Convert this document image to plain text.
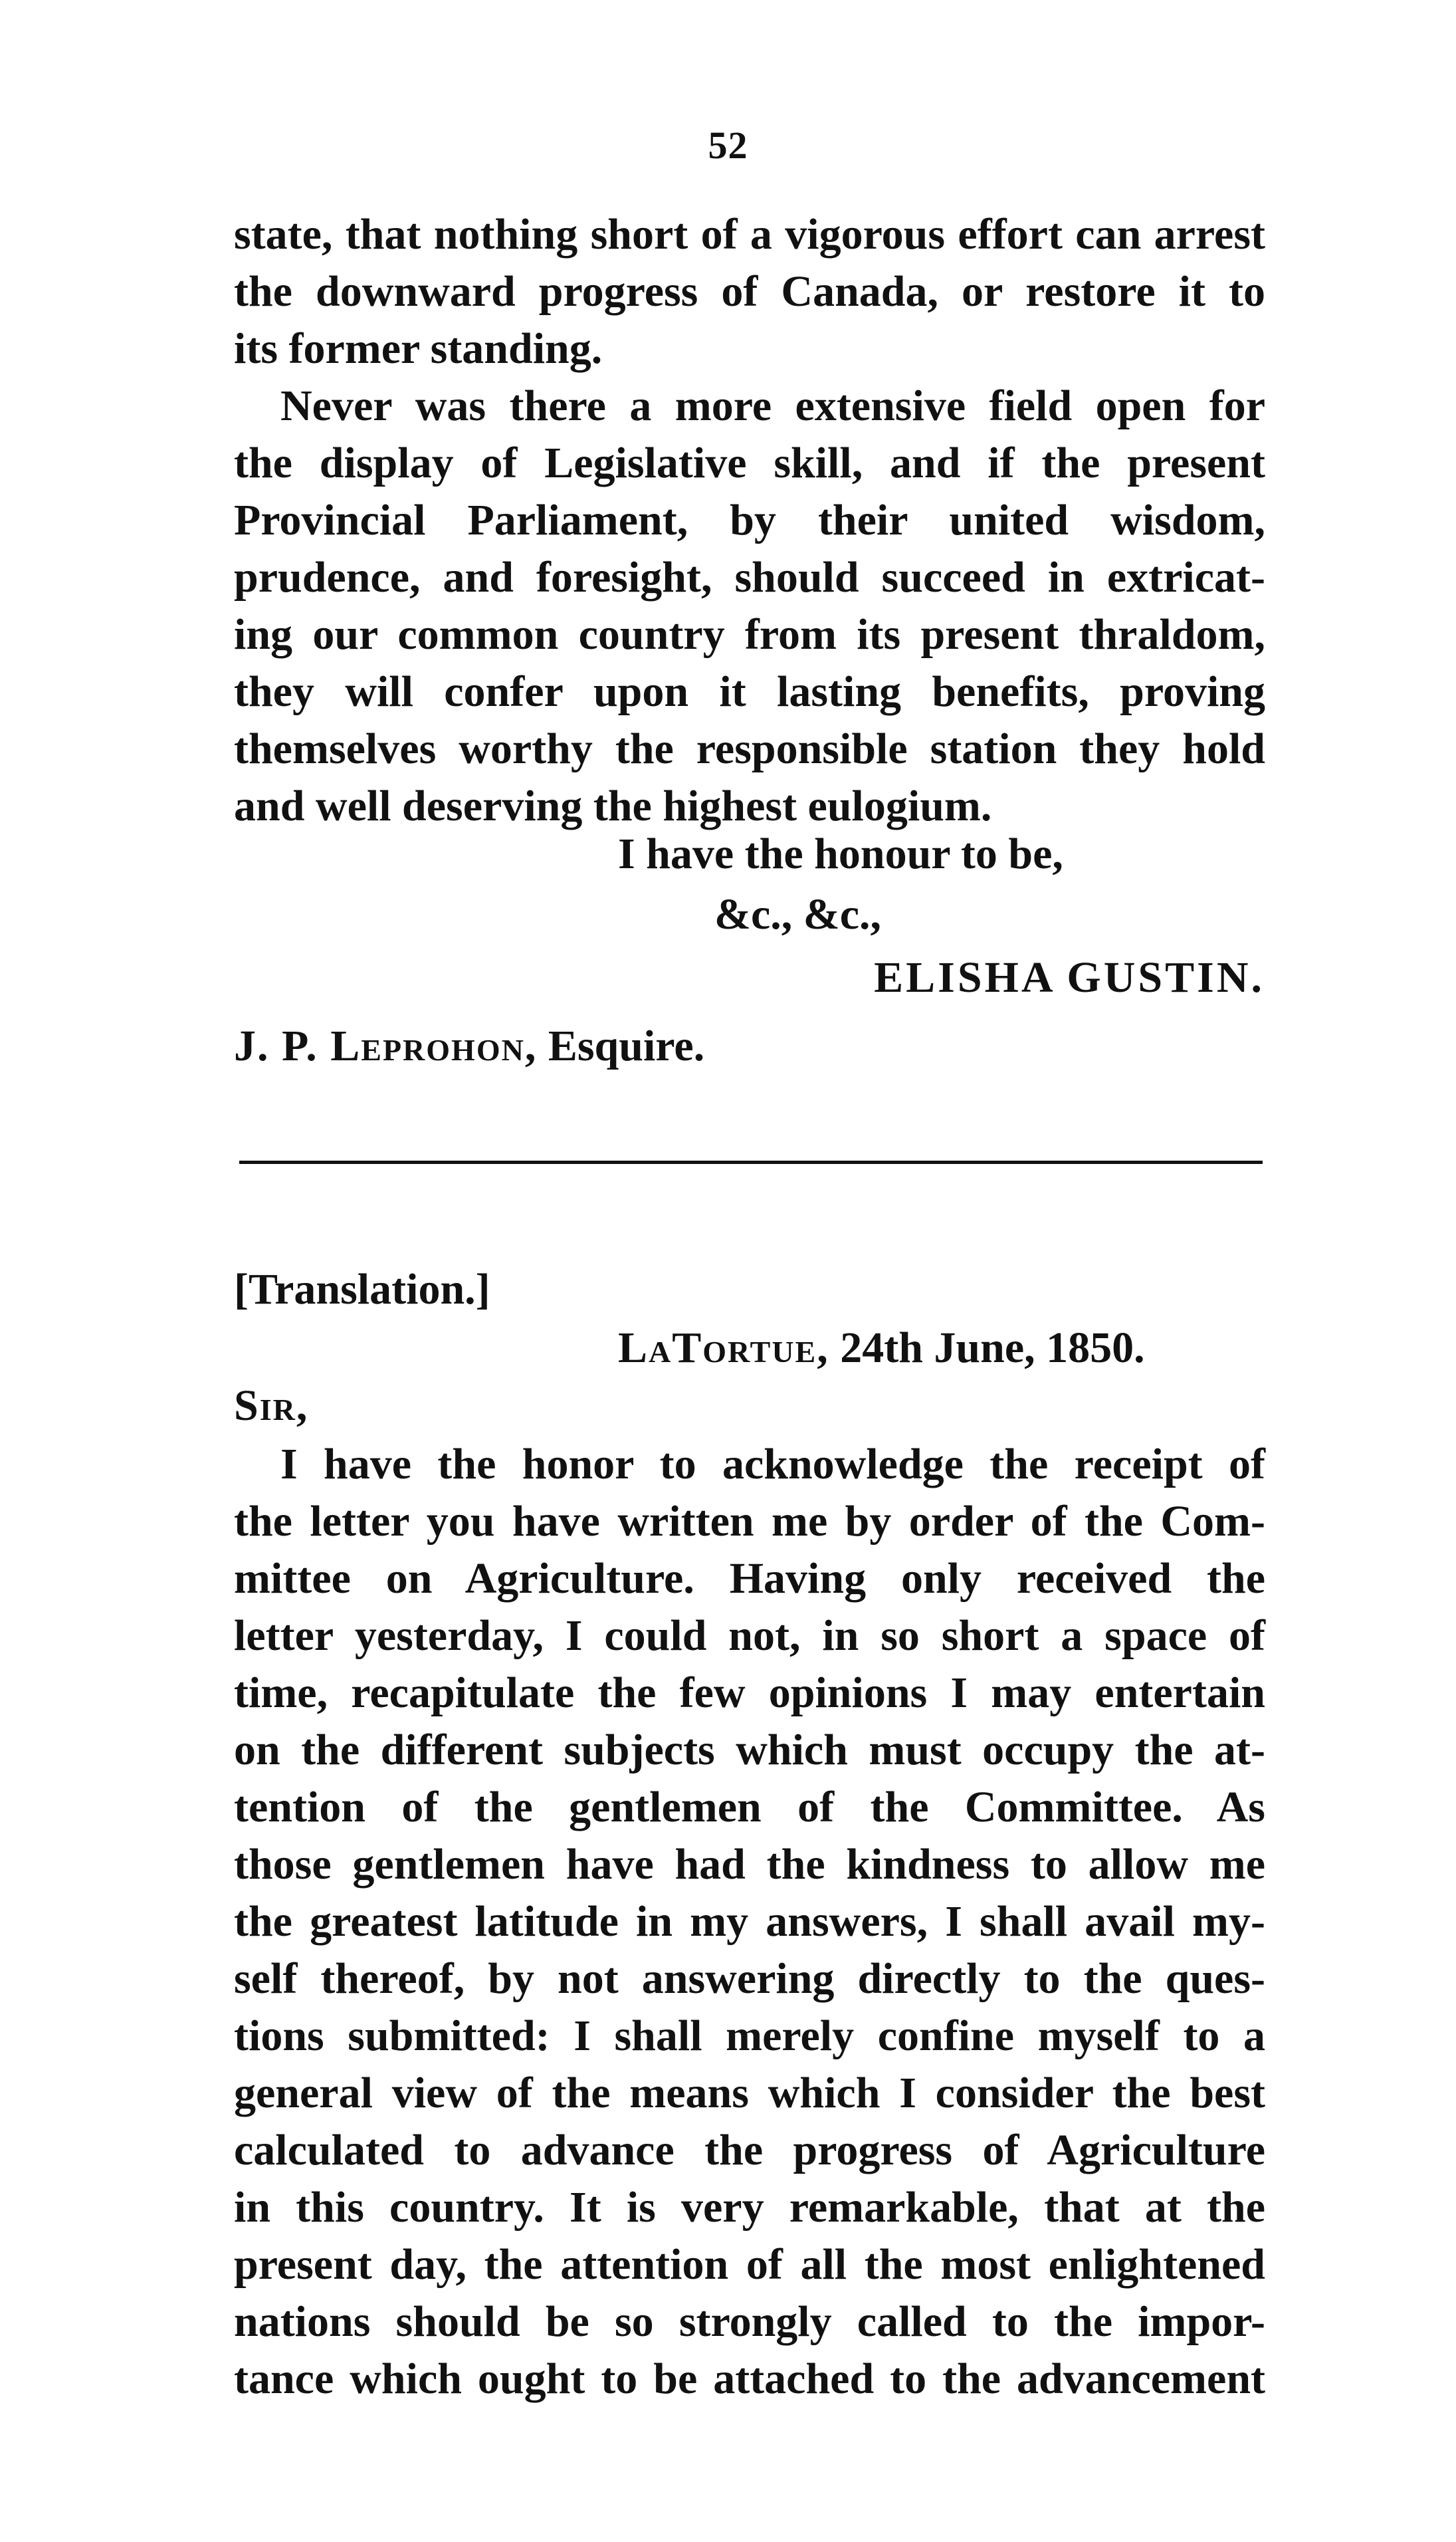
52
state, that nothing short of a vigorous effort can arrest
the downward progress of Canada, or restore it to
its former standing.
Never was there a more extensive field open for
the display of Legislative skill, and if the present
Provincial Parliament, by their united wisdom,
prudence, and foresight, should succeed in extricat-
ing our common country from its present thraldom,
they will confer upon it lasting benefits, proving
themselves worthy the responsible station they hold
and well deserving the highest eulogium.
I have the honour to be,
&c., &c.,
ELISHA GUSTIN.
J. P. Leprohon, Esquire.
[Translation.]
LaTortue, 24th June, 1850.
Sir,
I have the honor to acknowledge the receipt of
the letter you have written me by order of the Com-
mittee on Agriculture. Having only received the
letter yesterday, I could not, in so short a space of
time, recapitulate the few opinions I may entertain
on the different subjects which must occupy the at-
tention of the gentlemen of the Committee. As
those gentlemen have had the kindness to allow me
the greatest latitude in my answers, I shall avail my-
self thereof, by not answering directly to the ques-
tions submitted: I shall merely confine myself to a
general view of the means which I consider the best
calculated to advance the progress of Agriculture
in this country. It is very remarkable, that at the
present day, the attention of all the most enlightened
nations should be so strongly called to the impor-
tance which ought to be attached to the advancement
